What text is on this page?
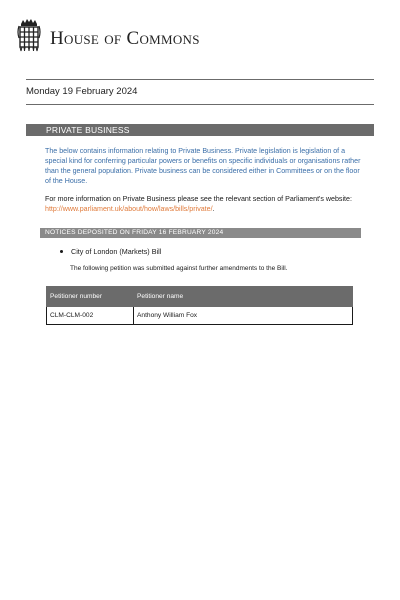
House of Commons
Monday 19 February 2024
PRIVATE BUSINESS

The below contains information relating to Private Business. Private legislation is legislation of a special kind for conferring particular powers or benefits on specific individuals or organisations rather than the general population. Private business can be considered either in Committees or on the floor of the House.

For more information on Private Business please see the relevant section of Parliament's website: http://www.parliament.uk/about/how/laws/bills/private/.

NOTICES DEPOSITED ON FRIDAY 16 FEBRUARY 2024
City of London (Markets) Bill
The following petition was submitted against further amendments to the Bill.
Petitioner number	Petitioner name
CLM-CLM-002	Anthony William Fox
